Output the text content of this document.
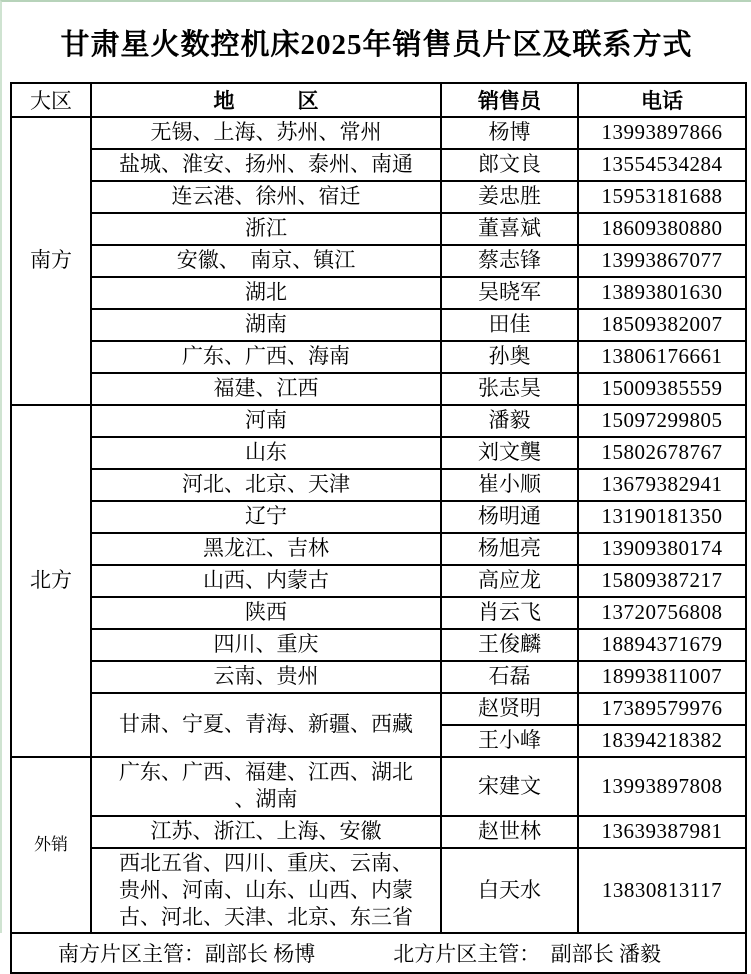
甘肃星火数控机床2025年销售员片区及联系方式
大区	地　　　区	销售员	电话
南方	无锡、上海、苏州、常州	杨博	13993897866
	盐城、淮安、扬州、泰州、南通	郎文良	13554534284
	连云港、徐州、宿迁	姜忠胜	15953181688
	浙江	董喜斌	18609380880
	安徽、　南京、镇江	蔡志锋	13993867077
	湖北	吴晓军	13893801630
	湖南	田佳	18509382007
	广东、广西、海南	孙奥	13806176661
	福建、江西	张志昊	15009385559
北方	河南	潘毅	15097299805
	山东	刘文龑	15802678767
	河北、北京、天津	崔小顺	13679382941
	辽宁	杨明通	13190181350
	黑龙江、吉林	杨旭亮	13909380174
	山西、内蒙古	高应龙	15809387217
	陕西	肖云飞	13720756808
	四川、重庆	王俊麟	18894371679
	云南、贵州	石磊	18993811007
	甘肃、宁夏、青海、新疆、西藏	赵贤明	17389579976
		王小峰	18394218382
外销	广东、广西、福建、江西、湖北
、湖南	宋建文	13993897808
	江苏、浙江、上海、安徽	赵世林	13639387981
	西北五省、四川、重庆、云南、
贵州、河南、山东、山西、内蒙
古、河北、天津、北京、东三省	白天水	13830813117
南方片区主管：副部长 杨博 北方片区主管：　副部长 潘毅			
